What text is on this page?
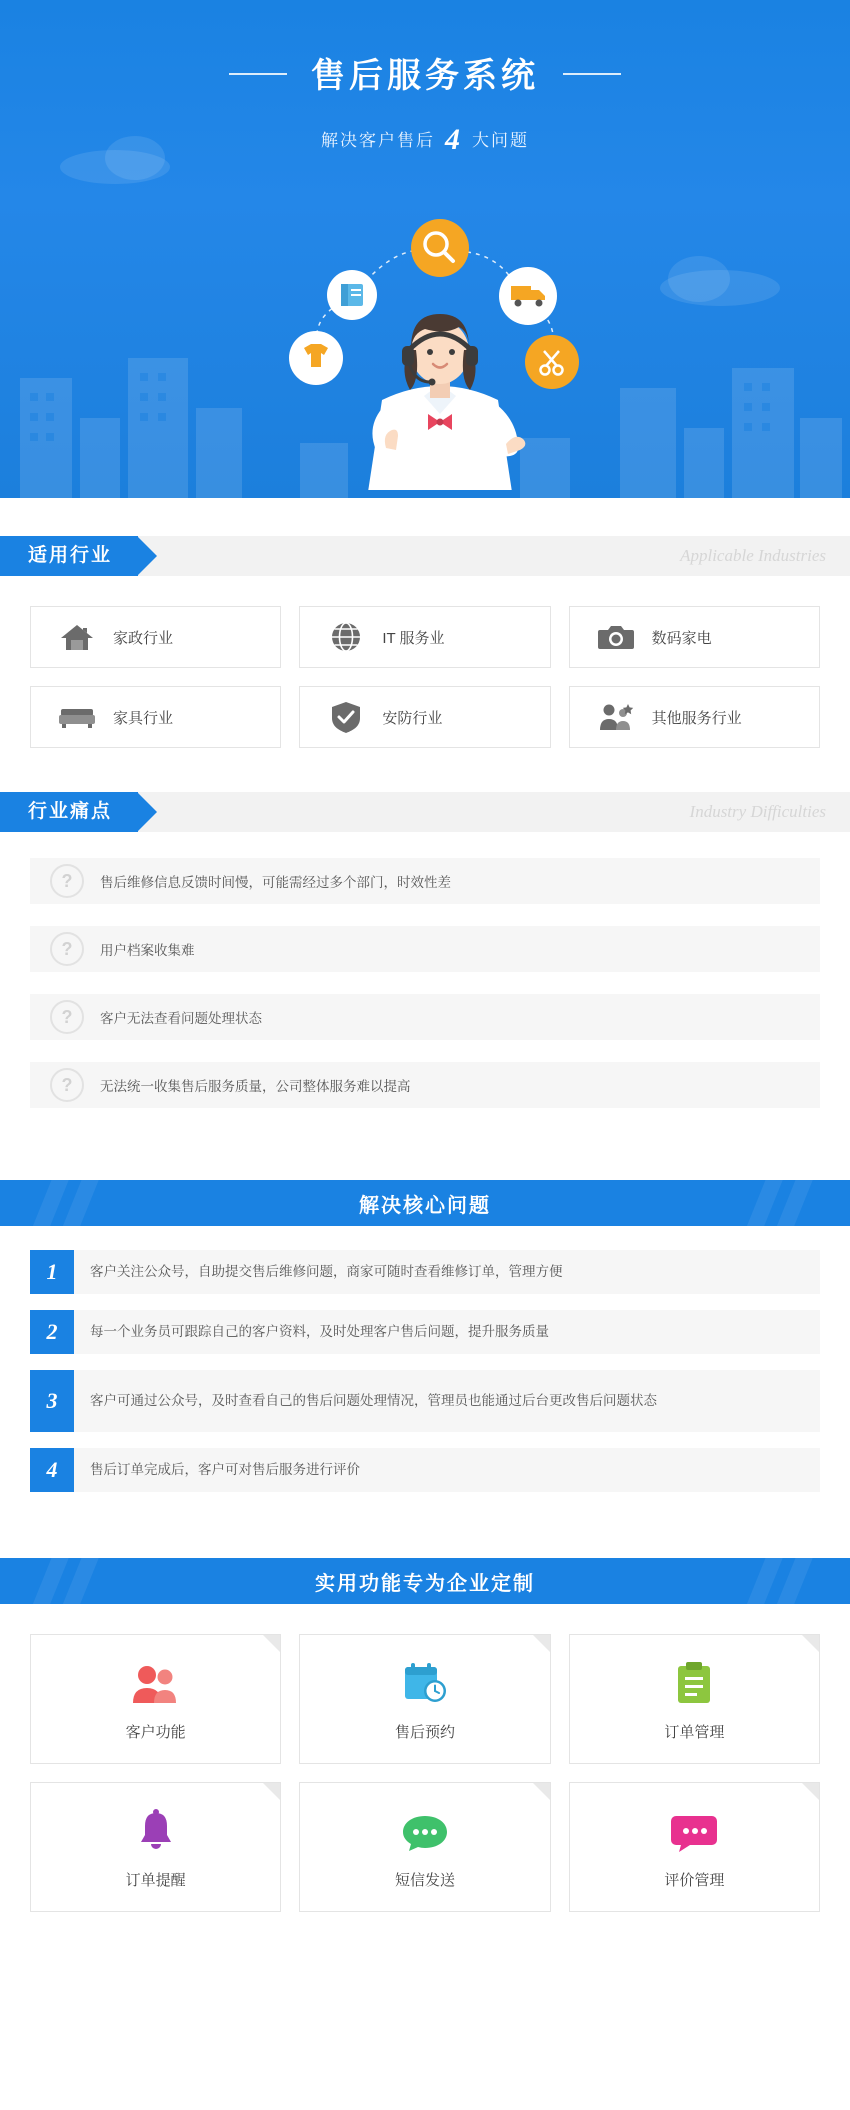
售后服务系统
解决客户售后 4 大问题
适用行业	Applicable Industries
家政行业	IT 服务业	数码家电
家具行业	安防行业	其他服务行业
行业痛点	Industry Difficulties
?	售后维修信息反馈时间慢，可能需经过多个部门，时效性差
?	用户档案收集难
?	客户无法查看问题处理状态
?	无法统一收集售后服务质量，公司整体服务难以提高
解决核心问题
1	客户关注公众号，自助提交售后维修问题，商家可随时查看维修订单，管理方便
2	每一个业务员可跟踪自己的客户资料，及时处理客户售后问题，提升服务质量
3	客户可通过公众号，及时查看自己的售后问题处理情况，管理员也能通过后台更改售后问题状态
4	售后订单完成后，客户可对售后服务进行评价
实用功能专为企业定制
客户功能	售后预约	订单管理
订单提醒	短信发送	评价管理
